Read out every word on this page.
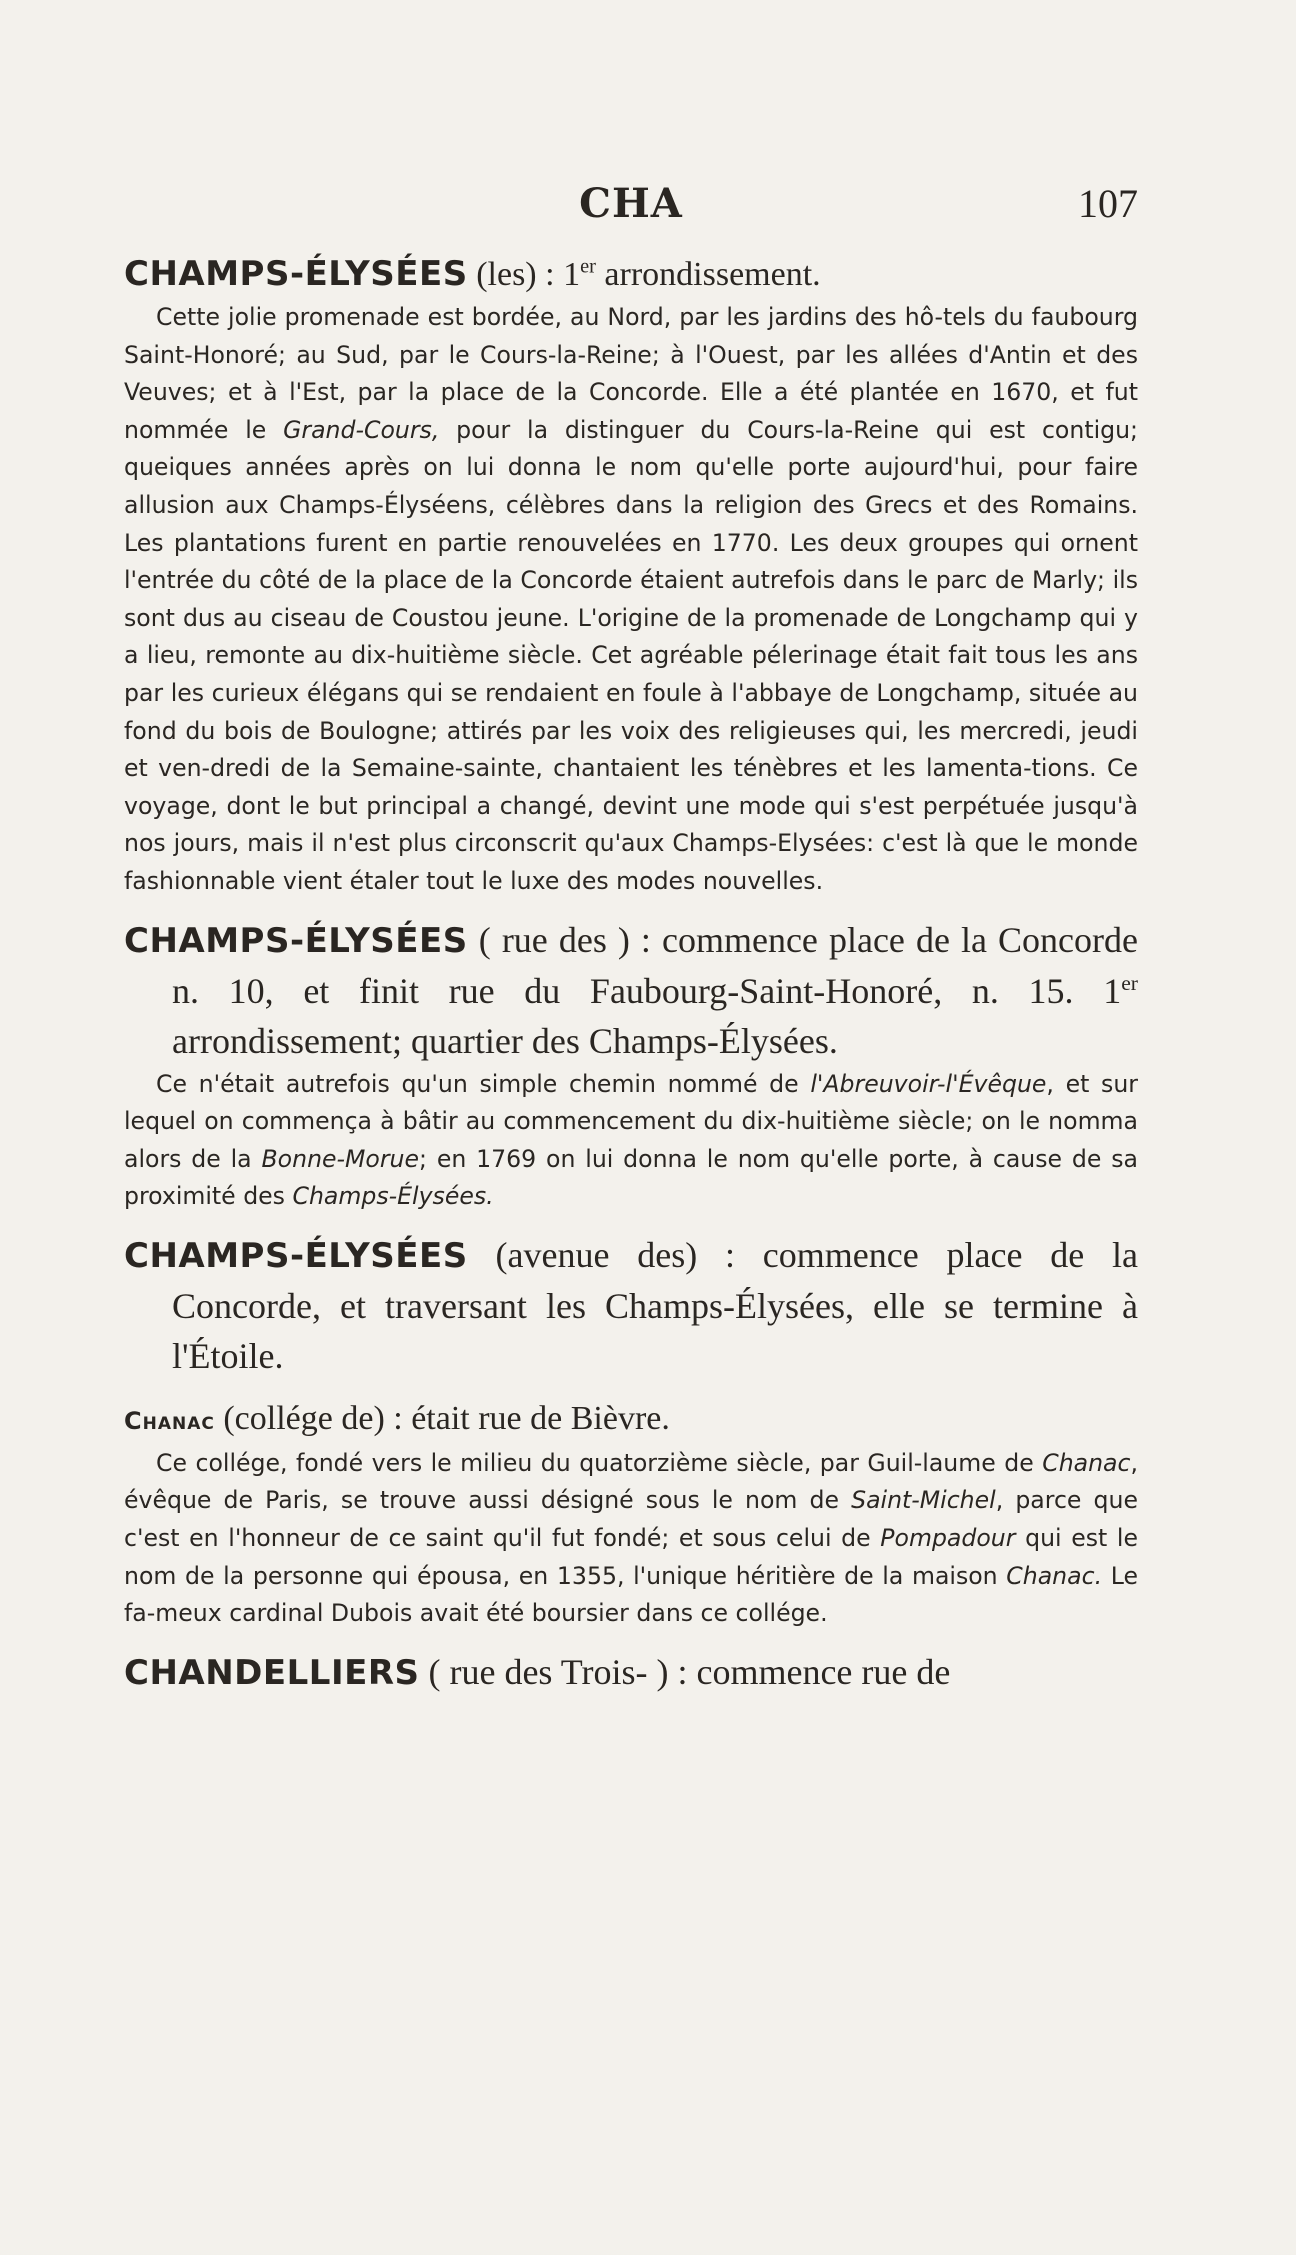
CHA	107

CHAMPS-ÉLYSÉES (les) : 1er arrondissement.

Cette jolie promenade est bordée, au Nord, par les jardins des hô-tels du faubourg Saint-Honoré; au Sud, par le Cours-la-Reine; à l'Ouest, par les allées d'Antin et des Veuves; et à l'Est, par la place de la Concorde. Elle a été plantée en 1670, et fut nommée le Grand-Cours, pour la distinguer du Cours-la-Reine qui est contigu; queiques années après on lui donna le nom qu'elle porte aujourd'hui, pour faire allusion aux Champs-Élyséens, célèbres dans la religion des Grecs et des Romains. Les plantations furent en partie renouvelées en 1770. Les deux groupes qui ornent l'entrée du côté de la place de la Concorde étaient autrefois dans le parc de Marly; ils sont dus au ciseau de Coustou jeune. L'origine de la promenade de Longchamp qui y a lieu, remonte au dix-huitième siècle. Cet agréable pélerinage était fait tous les ans par les curieux élégans qui se rendaient en foule à l'abbaye de Longchamp, située au fond du bois de Boulogne; attirés par les voix des religieuses qui, les mercredi, jeudi et ven-dredi de la Semaine-sainte, chantaient les ténèbres et les lamenta-tions. Ce voyage, dont le but principal a changé, devint une mode qui s'est perpétuée jusqu'à nos jours, mais il n'est plus circonscrit qu'aux Champs-Elysées: c'est là que le monde fashionnable vient étaler tout le luxe des modes nouvelles.

CHAMPS-ÉLYSÉES ( rue des ) : commence place de la Concorde n. 10, et finit rue du Faubourg-Saint-Honoré, n. 15. 1er arrondissement; quartier des Champs-Élysées.

Ce n'était autrefois qu'un simple chemin nommé de l'Abreuvoir-l'Évêque, et sur lequel on commença à bâtir au commencement du dix-huitième siècle; on le nomma alors de la Bonne-Morue; en 1769 on lui donna le nom qu'elle porte, à cause de sa proximité des Champs-Élysées.

CHAMPS-ÉLYSÉES (avenue des) : commence place de la Concorde, et traversant les Champs-Élysées, elle se termine à l'Étoile.

Chanac (collége de) : était rue de Bièvre.

Ce collége, fondé vers le milieu du quatorzième siècle, par Guil-laume de Chanac, évêque de Paris, se trouve aussi désigné sous le nom de Saint-Michel, parce que c'est en l'honneur de ce saint qu'il fut fondé; et sous celui de Pompadour qui est le nom de la personne qui épousa, en 1355, l'unique héritière de la maison Chanac. Le fa-meux cardinal Dubois avait été boursier dans ce collége.

CHANDELLIERS ( rue des Trois- ) : commence rue de
